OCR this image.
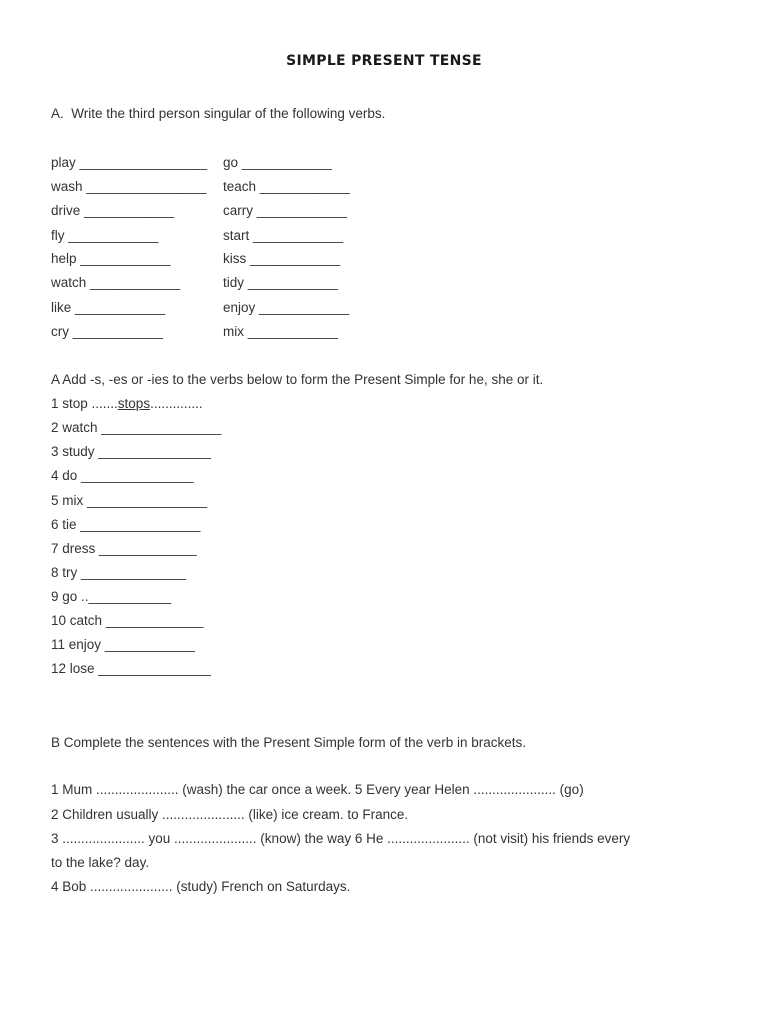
SIMPLE PRESENT TENSE
A.  Write the third person singular of the following verbs.
play _________________
wash ________________
drive ____________
fly ____________
help ____________
watch ____________
like ____________
cry ____________
go ____________
teach ____________
carry ____________
start ____________
kiss ____________
tidy ____________
enjoy ____________
mix ____________
A Add -s, -es or -ies to the verbs below to form the Present Simple for he, she or it.
1 stop .......stops..............
2 watch ________________
3 study _______________
4 do _______________
5 mix ________________
6 tie ________________
7 dress _____________
8 try ______________
9 go ..___________
10 catch _____________
11 enjoy ____________
12 lose _______________
B Complete the sentences with the Present Simple form of the verb in brackets.
1 Mum ...................... (wash) the car once a week. 5 Every year Helen ...................... (go)
2 Children usually ...................... (like) ice cream. to France.
3 ...................... you ...................... (know) the way 6 He ...................... (not visit) his friends every
to the lake? day.
4 Bob ...................... (study) French on Saturdays.
